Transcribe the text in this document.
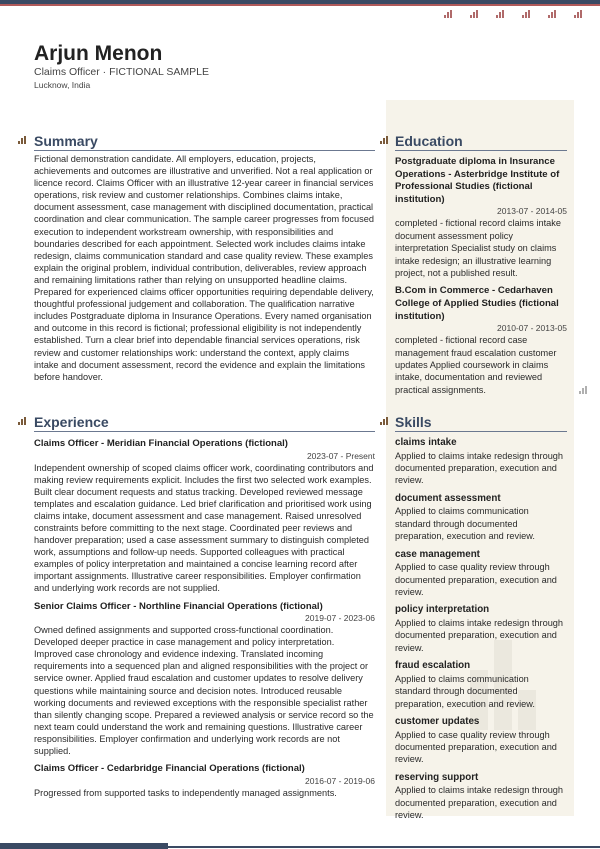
Arjun Menon
Claims Officer · FICTIONAL SAMPLE
Lucknow, India
Summary

Fictional demonstration candidate. All employers, education, projects, achievements and outcomes are illustrative and unverified. Not a real application or licence record. Claims Officer with an illustrative 12-year career in financial services operations, risk review and customer relationships. Combines claims intake, document assessment, case management with disciplined documentation, practical coordination and clear communication. The sample career progresses from focused execution to independent workstream ownership, with responsibilities and boundaries described for each appointment. Selected work includes claims intake redesign, claims communication standard and case quality review. These examples explain the original problem, individual contribution, deliverables, review approach and remaining limitations rather than relying on unsupported headline claims. Prepared for experienced claims officer opportunities requiring dependable delivery, thoughtful professional judgement and collaboration. The qualification narrative includes Postgraduate diploma in Insurance Operations. Every named organisation and outcome in this record is fictional; professional eligibility is not independently established. Turn a clear brief into dependable financial services operations, risk review and customer relationships work: understand the context, apply claims intake and document assessment, record the evidence and explain the limitations before handover.

Experience
Claims Officer - Meridian Financial Operations (fictional)
2023-07 - Present

Independent ownership of scoped claims officer work, coordinating contributors and making review requirements explicit. Includes the first two selected work examples. Built clear document requests and status tracking. Developed reviewed message templates and escalation guidance. Led brief clarification and prioritised work using claims intake, document assessment and case management. Raised unresolved constraints before committing to the next stage. Coordinated peer reviews and handover preparation; used a case assessment summary to distinguish completed work, assumptions and follow-up needs. Supported colleagues with practical examples of policy interpretation and maintained a concise learning record after important assignments. Illustrative career responsibilities. Employer confirmation and underlying work records are not supplied.

Senior Claims Officer - Northline Financial Operations (fictional)
2019-07 - 2023-06

Owned defined assignments and supported cross-functional coordination. Developed deeper practice in case management and policy interpretation. Improved case chronology and evidence indexing. Translated incoming requirements into a sequenced plan and aligned responsibilities with the project or service owner. Applied fraud escalation and customer updates to resolve delivery questions while maintaining source and decision notes. Introduced reusable working documents and reviewed exceptions with the responsible specialist rather than silently changing scope. Prepared a reviewed analysis or service record so the next team could understand the work and remaining questions. Illustrative career responsibilities. Employer confirmation and underlying work records are not supplied.

Claims Officer - Cedarbridge Financial Operations (fictional)
2016-07 - 2019-06

Progressed from supported tasks to independently managed assignments.

Education
Postgraduate diploma in Insurance Operations - Asterbridge Institute of Professional Studies (fictional institution)
2013-07 - 2014-05

completed - fictional record claims intake document assessment policy interpretation Specialist study on claims intake redesign; an illustrative learning project, not a published result.

B.Com in Commerce - Cedarhaven College of Applied Studies (fictional institution)
2010-07 - 2013-05

completed - fictional record case management fraud escalation customer updates Applied coursework in claims intake, documentation and reviewed practical assignments.

Skills
claims intake

Applied to claims intake redesign through documented preparation, execution and review.

document assessment

Applied to claims communication standard through documented preparation, execution and review.

case management

Applied to case quality review through documented preparation, execution and review.

policy interpretation

Applied to claims intake redesign through documented preparation, execution and review.

fraud escalation

Applied to claims communication standard through documented preparation, execution and review.

customer updates

Applied to case quality review through documented preparation, execution and review.

reserving support

Applied to claims intake redesign through documented preparation, execution and review.
